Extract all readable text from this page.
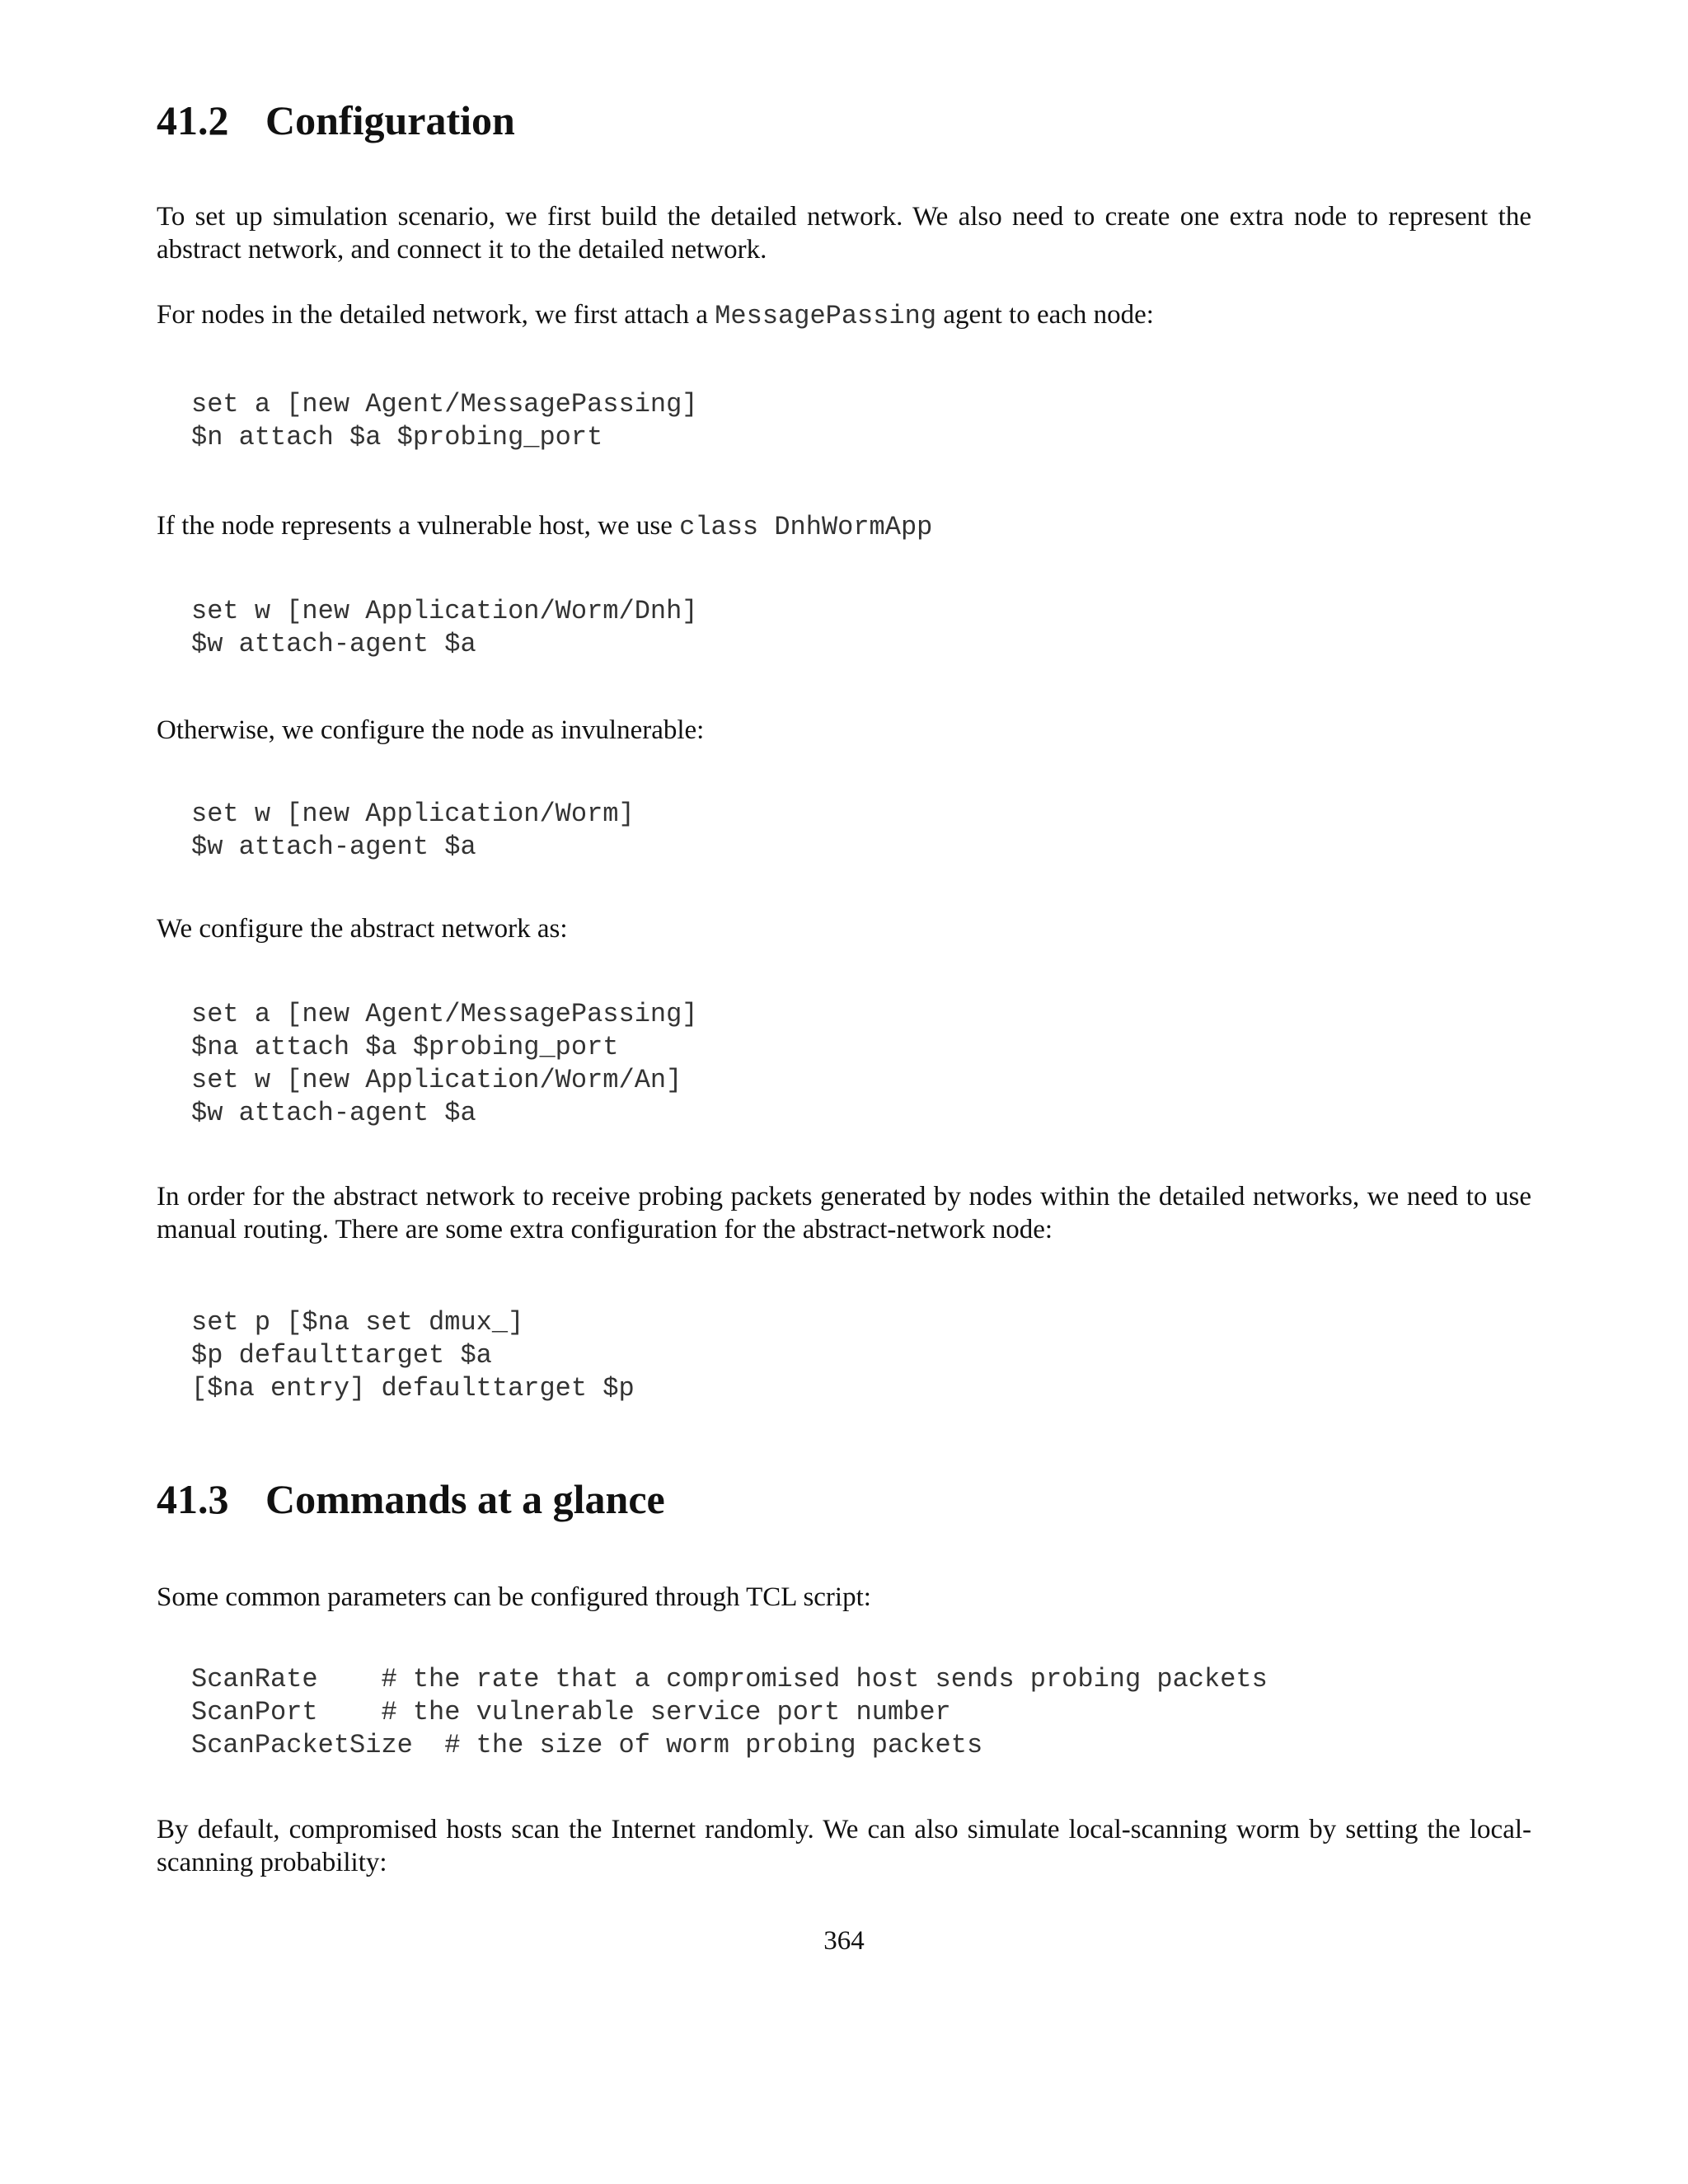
41.2 Configuration

To set up simulation scenario, we first build the detailed network. We also need to create one extra node to represent the abstract network, and connect it to the detailed network.

For nodes in the detailed network, we first attach a MessagePassing agent to each node:

set a [new Agent/MessagePassing]
$n attach $a $probing_port

If the node represents a vulnerable host, we use class DnhWormApp

set w [new Application/Worm/Dnh]
$w attach-agent $a

Otherwise, we configure the node as invulnerable:

set w [new Application/Worm]
$w attach-agent $a

We configure the abstract network as:

set a [new Agent/MessagePassing]
$na attach $a $probing_port
set w [new Application/Worm/An]
$w attach-agent $a

In order for the abstract network to receive probing packets generated by nodes within the detailed networks, we need to use manual routing. There are some extra configuration for the abstract-network node:

set p [$na set dmux_]
$p defaulttarget $a
[$na entry] defaulttarget $p
41.3 Commands at a glance

Some common parameters can be configured through TCL script:

ScanRate    # the rate that a compromised host sends probing packets
ScanPort    # the vulnerable service port number
ScanPacketSize  # the size of worm probing packets

By default, compromised hosts scan the Internet randomly. We can also simulate local-scanning worm by setting the local-scanning probability:

364
